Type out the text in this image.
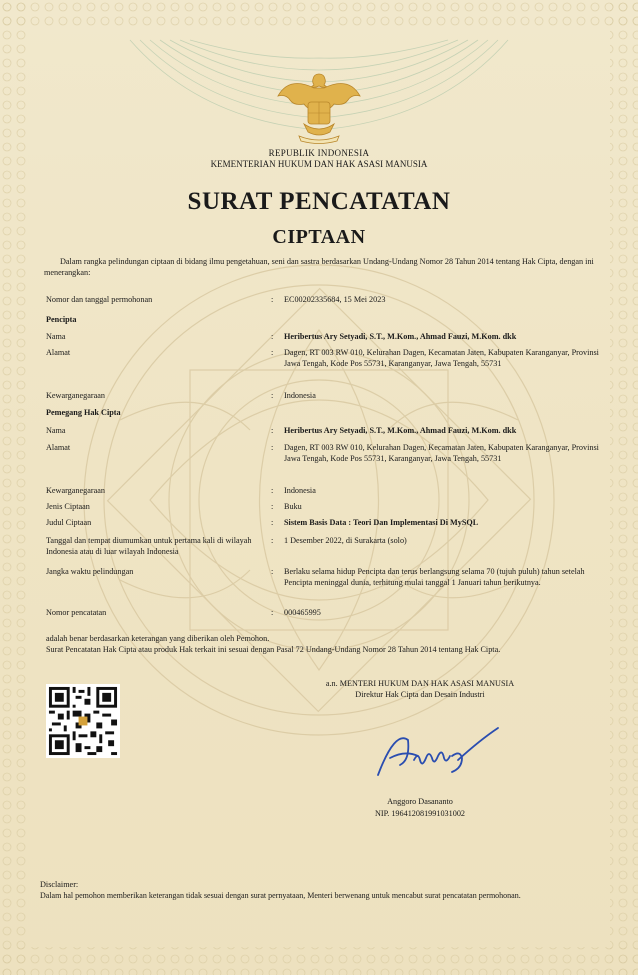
REPUBLIK INDONESIA
KEMENTERIAN HUKUM DAN HAK ASASI MANUSIA
SURAT PENCATATAN
CIPTAAN
Dalam rangka pelindungan ciptaan di bidang ilmu pengetahuan, seni dan sastra berdasarkan Undang-Undang Nomor 28 Tahun 2014 tentang Hak Cipta, dengan ini menerangkan:
Nomor dan tanggal permohonan	: EC00202335684, 15 Mei 2023
Pencipta
Nama	: Heribertus Ary Setyadi, S.T., M.Kom., Ahmad Fauzi, M.Kom. dkk
Alamat	: Dagen, RT 003 RW 010, Kelurahan Dagen, Kecamatan Jaten, Kabupaten Karanganyar, Provinsi Jawa Tengah, Kode Pos 55731, Karanganyar, Jawa Tengah, 55731
Kewarganegaraan	: Indonesia
Pemegang Hak Cipta
Nama	: Heribertus Ary Setyadi, S.T., M.Kom., Ahmad Fauzi, M.Kom. dkk
Alamat	: Dagen, RT 003 RW 010, Kelurahan Dagen, Kecamatan Jaten, Kabupaten Karanganyar, Provinsi Jawa Tengah, Kode Pos 55731, Karanganyar, Jawa Tengah, 55731
Kewarganegaraan	: Indonesia
Jenis Ciptaan	: Buku
Judul Ciptaan	: Sistem Basis Data : Teori Dan Implementasi Di MySQL
Tanggal dan tempat diumumkan untuk pertama kali di wilayah Indonesia atau di luar wilayah Indonesia
: 1 Desember 2022, di Surakarta (solo)
Jangka waktu pelindungan	: Berlaku selama hidup Pencipta dan terus berlangsung selama 70 (tujuh puluh) tahun setelah Pencipta meninggal dunia, terhitung mulai tanggal 1 Januari tahun berikutnya.
Nomor pencatatan	: 000465995
adalah benar berdasarkan keterangan yang diberikan oleh Pemohon.
Surat Pencatatan Hak Cipta atau produk Hak terkait ini sesuai dengan Pasal 72 Undang-Undang Nomor 28 Tahun 2014 tentang Hak Cipta.
a.n. MENTERI HUKUM DAN HAK ASASI MANUSIA
Direktur Hak Cipta dan Desain Industri
Anggoro Dasananto
NIP. 196412081991031002
Disclaimer:
Dalam hal pemohon memberikan keterangan tidak sesuai dengan surat pernyataan, Menteri berwenang untuk mencabut surat pencatatan permohonan.
